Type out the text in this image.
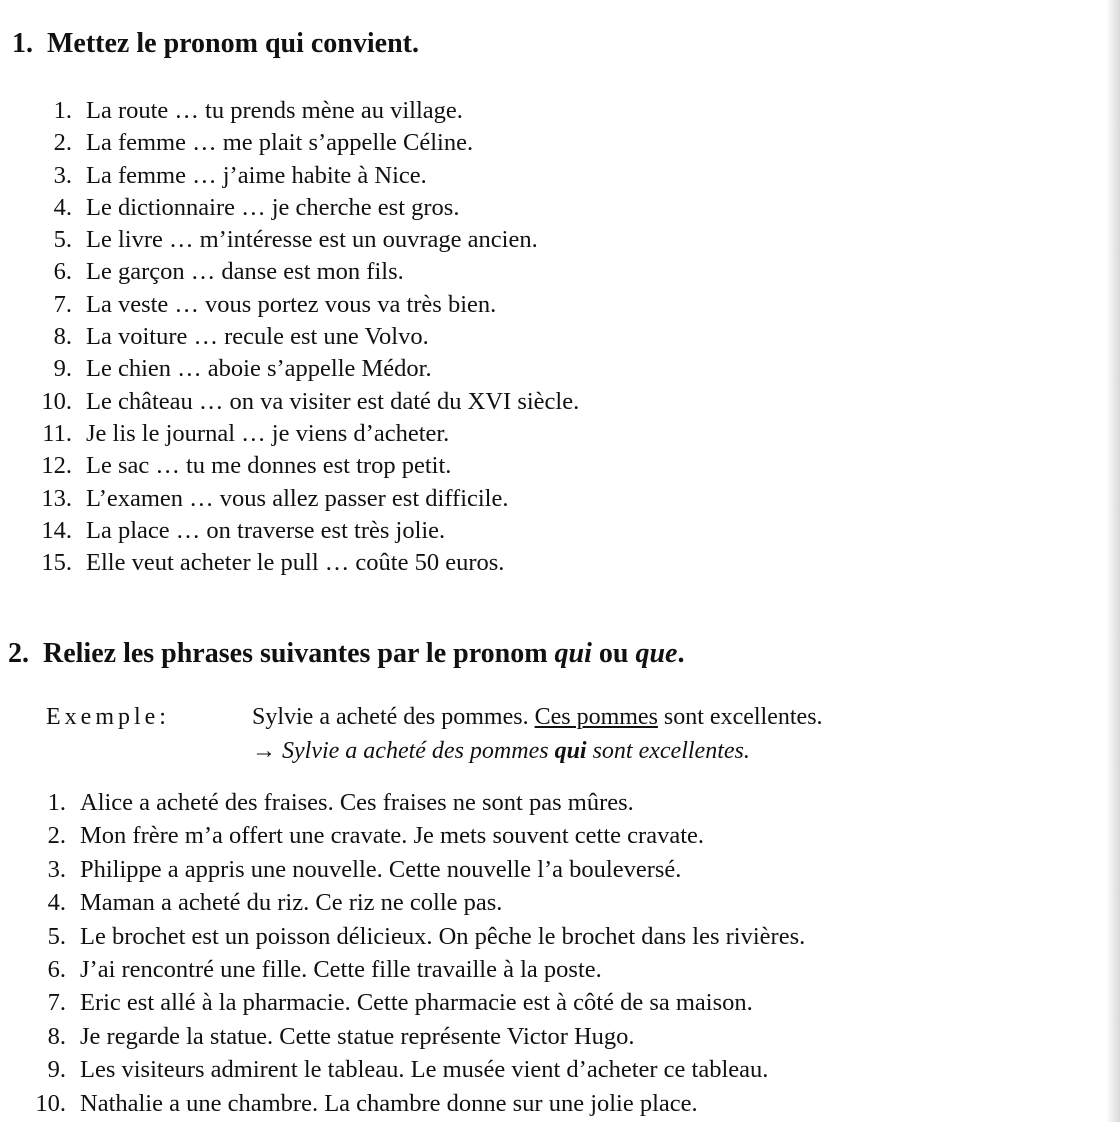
1. Mettez le pronom qui convient.
1. La route … tu prends mène au village.
2. La femme … me plait s’appelle Céline.
3. La femme … j’aime habite à Nice.
4. Le dictionnaire … je cherche est gros.
5. Le livre … m’intéresse est un ouvrage ancien.
6. Le garçon … danse est mon fils.
7. La veste … vous portez vous va très bien.
8. La voiture … recule est une Volvo.
9. Le chien … aboie s’appelle Médor.
10. Le château … on va visiter est daté du XVI siècle.
11. Je lis le journal … je viens d’acheter.
12. Le sac … tu me donnes est trop petit.
13. L’examen … vous allez passer est difficile.
14. La place … on traverse est très jolie.
15. Elle veut acheter le pull … coûte 50 euros.
2. Reliez les phrases suivantes par le pronom qui ou que.
Exemple:	Sylvie a acheté des pommes. Ces pommes sont excellentes.
→ Sylvie a acheté des pommes qui sont excellentes.
1. Alice a acheté des fraises. Ces fraises ne sont pas mûres.
2. Mon frère m’a offert une cravate. Je mets souvent cette cravate.
3. Philippe a appris une nouvelle. Cette nouvelle l’a bouleversé.
4. Maman a acheté du riz. Ce riz ne colle pas.
5. Le brochet est un poisson délicieux. On pêche le brochet dans les rivières.
6. J’ai rencontré une fille. Cette fille travaille à la poste.
7. Eric est allé à la pharmacie. Cette pharmacie est à côté de sa maison.
8. Je regarde la statue. Cette statue représente Victor Hugo.
9. Les visiteurs admirent le tableau. Le musée vient d’acheter ce tableau.
10. Nathalie a une chambre. La chambre donne sur une jolie place.
